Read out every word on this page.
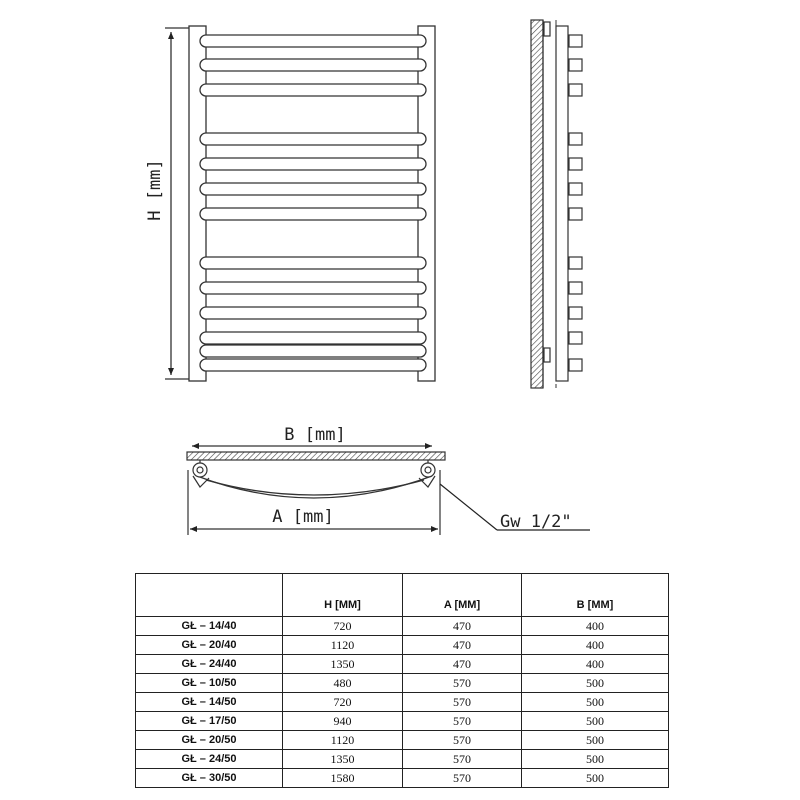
H [mm]
B [mm]
A [mm]	Gw 1/2"
	H [MM]	A [MM]	B [MM]
GŁ – 14/40	720	470	400
GŁ – 20/40	1120	470	400
GŁ – 24/40	1350	470	400
GŁ – 10/50	480	570	500
GŁ – 14/50	720	570	500
GŁ – 17/50	940	570	500
GŁ – 20/50	1120	570	500
GŁ – 24/50	1350	570	500
GŁ – 30/50	1580	570	500
